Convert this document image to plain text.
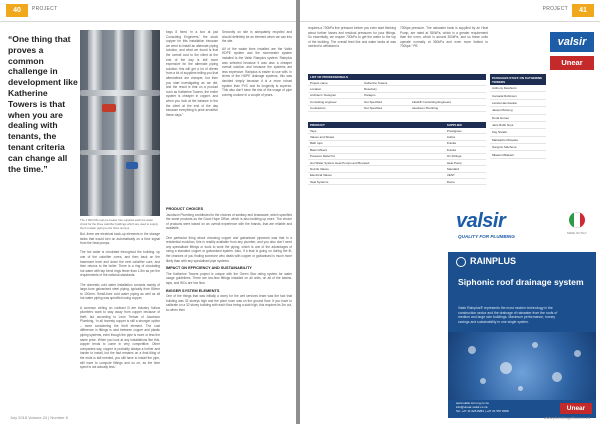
40	PROJECT
“One thing that proves a common challenge in development like Katherine Towers is that when you are dealing with tenants, the tenant criteria can change all the time.”
The 1 000 KW coal pre-heater has supplied each hot water circuit for the three calorifier buildings which are used to supply the hot water piping to the three storeys.
bays 8 hired ‘in a box at just Consulting Engineers,’ the stock copper for this installation because we went to install an alternate piping solution, and what we found is that the overall cost to the client at the end of the day is still more expensive for the alternate piping solution; this will get a lot of clients from a lot of suppliers telling you that alternatives are cheaper, but then you start investigating as we did, and the result is that on a product such as Katherine Towers, the entire system is cheaper in copper, and when you look at the balance in the the client at the end of the day because everything is price sensitive these days.”

Secondly on site is adequately recycled and should definitely be an element when we can into the site.

All of the waste lines installed are the Valsir HDPE system and the stormwater system installed is the Valsir Rainplus system. Rainplus was selected because it was also a cheaper overall solution and because the systems are less expensive. Rainplus is easier to use with. In terms of the HDPE drainage systems, this was decided simply because it is a more robust system than PVC and its longevity is superior. This also don't have the risk of the usage of pipe coming undone in a couple of years.

But, there are electrical back-up elements in the storage tanks that would turn on automatically on a floor signal from the heat pumps.

The hot water is circulated throughout the building, up one of the calorifier cores, and then back on the basement level and down the next calorifier core, and then returns to the boiler. There is a ring of circulating hot water with tap bend rings fewer than 1.5m as per the requirements of the national standards.

The domestic cold water installation consists mainly of large-bore galvanised steel piping, typically from 80mm to 100mm. Small-bore cold water piping as well as all hot water piping was specified using copper.

A common ceiling on contract ill are industry hollow plumbers want to stay away from copper because of theft, but according to Leon Treloar of Jacobson Plumbing, ‘In all honesty copper is still a stronger option – more considering the theft element. The cost difference in fittings is vast between copper and plastic piping systems, even though the pipe is more or less the same price. When you look at any installations like this, copper tends to come in very competitive. Other companies say, copper is probably always a bother and harder to install, but the fact remains on a final tiling of the ends is still needed, you still have to install the pipe, still have to compute fittings and so on, as the time spent is not actually less.’
PRODUCT CHOICES

Jacobson Plumbing contributed to the choices of sanitary and brassware, which specified the same products as the Good Hope Office, which is also building up more. The choice of products were based on an overall experience with the brands, that are reliable and available.

One particular thing about choosing copper and galvanised pipework was that in a residential evolution, this is readily available from any plumber, and you also don’t need any specialised fittings or tools to work the piping, which is one of the advantages of using a standard copper or galvanised system. Also, if a leak is going on during the fit, the chances of you finding someone who deals with copper or galvanised is much more likely than with any specialised pipe systems.

IMPACT ON EFFICIENCY AND SUSTAINABILITY

The Katherine Towers project is unique with the Green Star rating system for water usage guidelines. There are low-flow fittings installed on all units, on all of the basins, taps, and WCs are low flow.

BIGGER SYSTEM ELEMENTS

One of the things that was initially a worry for the wet services team was the fact that building was 32 storeys high and the plant room was on the ground floor. If you have to calibrate on a 32 storey building with each floor being a slab high, this requires its 3m cut, so when then

July 2018 Volume 24 | Number 6
PROJECT	41
requires a 700kPa line pressure before you even start thinking about further losses and residual pressures for your fittings. So essentially, we require 700kPa to get the water to the top of the building. The overall feed line and water tanks at was needed to withstand a
700kpa pressure. The rainwater bank is supplied by an Heat Pump, are rated at 350kPa, which is a greater requirement than the norm, which is around 300kPa, and so these units operate normally at 350kPa and even more limited to 700kpa.” PB	valsir
Unear
LIST OF PROFESSIONALS		
Project name	Katherine Towers	
Location	Rosebury	
Architect / Designer	Paragon	
Consulting engineer	Not Specified	LEHAP Consulting Engineers
Contractors	Not Specified	Jacobson Plumbing
PRODUCT	SUPPLIER
Taps	Prestigious
Valves and Straps	Cobra
Bath tops	Franke
Basin Mixers	Franke
Pressure Relief Kit	On Fittings
Hot Water System Heat Pumps and Boosted	Heat Pump
Nozzle Valves	Standard
Electrical Valves	VENT
Seal Systems	Dome
PASSAGES STAFF ON KATHERINE TOWERS
Anthony Dewhurst
Camaral Robinson
Leticia Hamzavala
Jacqui Morteng
Doria Humet
Jaris Rolfe Nour
Kay Nivalor
Malusipho Motyeka
Sungrun Machone
Mkaelo Mbakazi
valsir
QUALITY FOR PLUMBING
MADE IN ITALY
RAINPLUS
Siphonic roof drainage system
Valsir Rainplus® represents the most modern technology in the construction sector and the drainage of rainwater from the roofs of medium and large size buildings. Maximum performance, money savings and sustainability in one single system.
www.valsir.com.ng.co.za
info@unear-valsir.co.za
Tel: +27 11 626 8284 | +27 21 557 8000	Unear
www.plumbingafrica.co.za
